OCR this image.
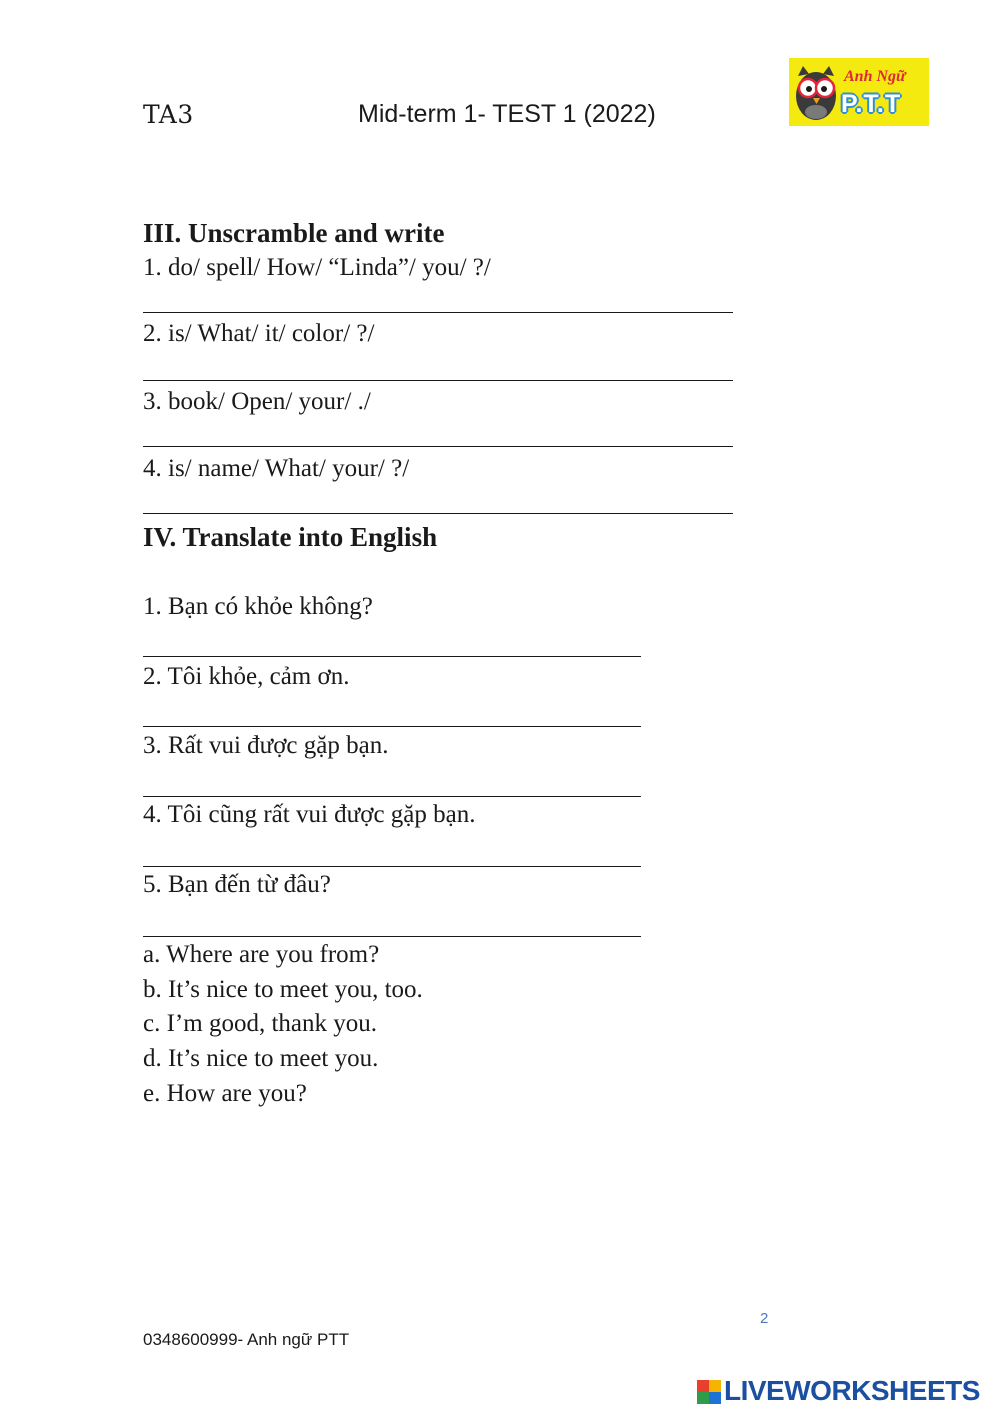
TA3	Mid-term 1- TEST 1 (2022)
Anh Ngữ
P.T.T
III. Unscramble and write
1. do/ spell/ How/ “Linda”/ you/ ?/
2. is/ What/ it/ color/ ?/
3. book/ Open/ your/ ./
4. is/ name/ What/ your/ ?/
IV. Translate into English
1. Bạn có khỏe không?
2. Tôi khỏe, cảm ơn.
3. Rất vui được gặp bạn.
4. Tôi cũng rất vui được gặp bạn.
5. Bạn đến từ đâu?
a. Where are you from?
b. It’s nice to meet you, too.
c. I’m good, thank you.
d. It’s nice to meet you.
e. How are you?
2
0348600999- Anh ngữ PTT
LIVEWORKSHEETS
